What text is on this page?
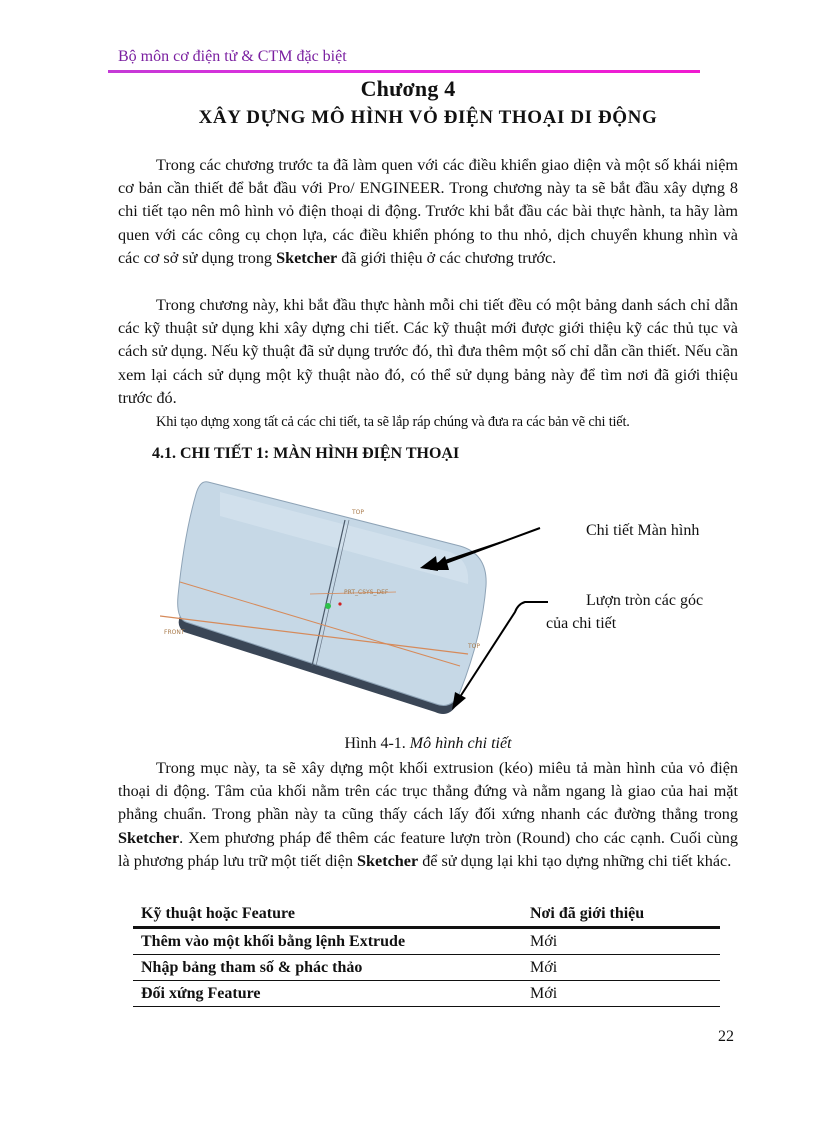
Bộ môn cơ điện tử & CTM đặc biệt
Chương 4
XÂY DỰNG MÔ HÌNH VỎ ĐIỆN THOẠI DI ĐỘNG

Trong các chương trước ta đã làm quen với các điều khiển giao diện và một số khái niệm cơ bản cần thiết để bắt đầu với Pro/ ENGINEER. Trong chương này ta sẽ bắt đầu xây dựng 8 chi tiết tạo nên mô hình vỏ điện thoại di động. Trước khi bắt đầu các bài thực hành, ta hãy làm quen với các công cụ chọn lựa, các điều khiển phóng to thu nhỏ, dịch chuyển khung nhìn và các cơ sở sử dụng trong Sketcher đã giới thiệu ở các chương trước.

Trong chương này, khi bắt đầu thực hành mỗi chi tiết đều có một bảng danh sách chỉ dẫn các kỹ thuật sử dụng khi xây dựng chi tiết. Các kỹ thuật mới được giới thiệu kỹ các thủ tục và cách sử dụng. Nếu kỹ thuật đã sử dụng trước đó, thì đưa thêm một số chỉ dẫn cần thiết. Nếu cần xem lại cách sử dụng một kỹ thuật nào đó, có thể sử dụng bảng này để tìm nơi đã giới thiệu trước đó.

Khi tạo dựng xong tất cả các chi tiết, ta sẽ lắp ráp chúng và đưa ra các bản vẽ chi tiết.

4.1. CHI TIẾT 1: MÀN HÌNH ĐIỆN THOẠI
TOP
FRONT
PRT_CSYS_DEF
TOP
Chi tiết Màn hình
Lượn tròn các góc
của chi tiết
Hình 4-1. Mô hình chi tiết

Trong mục này, ta sẽ xây dựng một khối extrusion (kéo) miêu tả màn hình của vỏ điện thoại di động. Tâm của khối nằm trên các trục thẳng đứng và nằm ngang là giao của hai mặt phẳng chuẩn. Trong phần này ta cũng thấy cách lấy đối xứng nhanh các đường thẳng trong Sketcher. Xem phương pháp để thêm các feature lượn tròn (Round) cho các cạnh. Cuối cùng là phương pháp lưu trữ một tiết diện Sketcher để sử dụng lại khi tạo dựng những chi tiết khác.

Kỹ thuật hoặc Feature	Nơi đã giới thiệu
Thêm vào một khối bằng lệnh Extrude	Mới
Nhập bảng tham số & phác thảo	Mới
Đối xứng Feature	Mới
22
